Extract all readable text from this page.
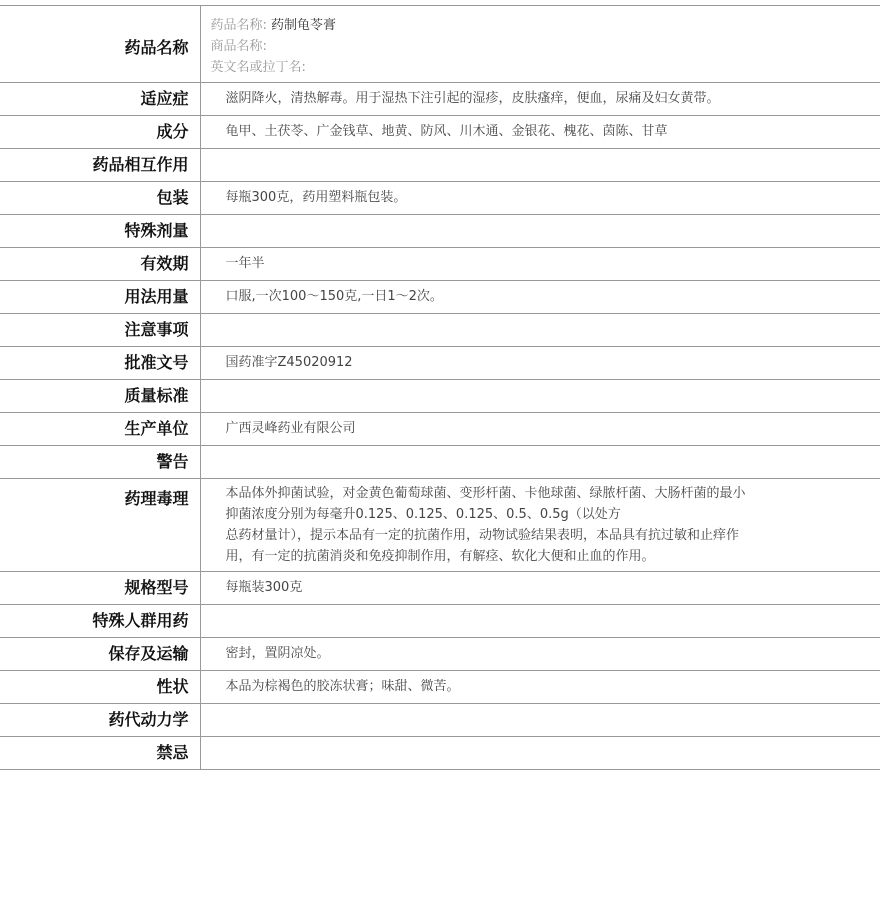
药品名称	药品名称: 药制龟苓膏
商品名称:
英文名或拉丁名:

适应症	滋阴降火，清热解毒。用于湿热下注引起的湿疹，皮肤瘙痒，便血，尿痛及妇女黄带。
成分	龟甲、土茯苓、广金钱草、地黄、防风、川木通、金银花、槐花、茵陈、甘草
药品相互作用	
包装	每瓶300克，药用塑料瓶包装。
特殊剂量	
有效期	一年半
用法用量	口服,一次100～150克,一日1～2次。
注意事项	
批准文号	国药准字Z45020912
质量标准	
生产单位	广西灵峰药业有限公司
警告	
药理毒理	本品体外抑菌试验，对金黄色葡萄球菌、变形杆菌、卡他球菌、绿脓杆菌、大肠杆菌的最小
抑菌浓度分别为每毫升0.125、0.125、0.125、0.5、0.5g（以处方
总药材量计），提示本品有一定的抗菌作用，动物试验结果表明，本品具有抗过敏和止痒作
用，有一定的抗菌消炎和免疫抑制作用，有解痉、软化大便和止血的作用。

规格型号	每瓶装300克
特殊人群用药	
保存及运输	密封，置阴凉处。
性状	本品为棕褐色的胶冻状膏；味甜、微苦。
药代动力学	
禁忌	
